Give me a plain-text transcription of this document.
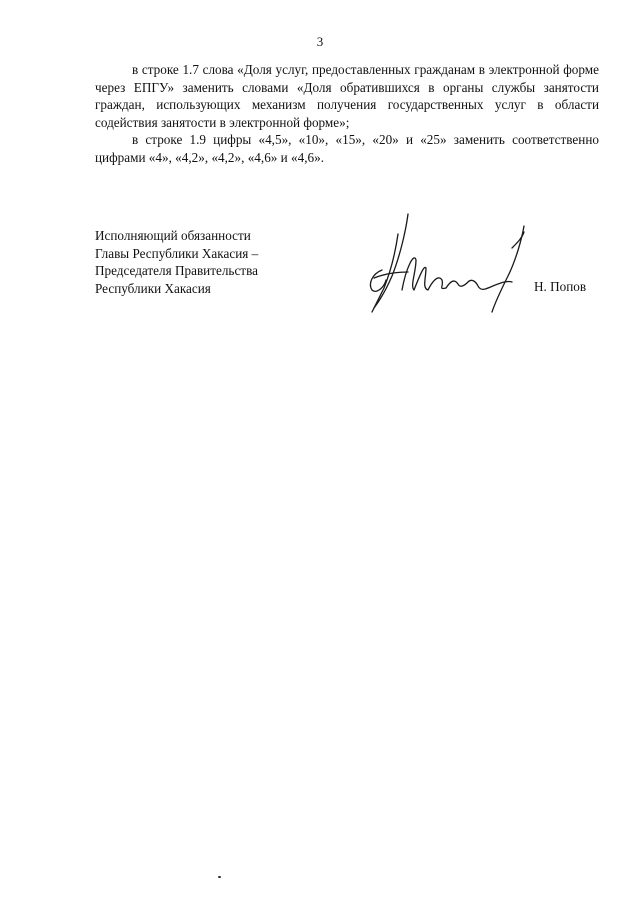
3

в строке 1.7 слова «Доля услуг, предоставленных гражданам в электронной форме через ЕПГУ» заменить словами «Доля обратившихся в органы службы занятости граждан, использующих механизм получения государственных услуг в области содействия занятости в электронной форме»;

в строке 1.9 цифры «4,5», «10», «15», «20» и «25» заменить соответственно цифрами «4», «4,2», «4,2», «4,6» и «4,6».

Исполняющий обязанности
Главы Республики Хакасия –
Председателя Правительства
Республики Хакасия	Н. Попов
